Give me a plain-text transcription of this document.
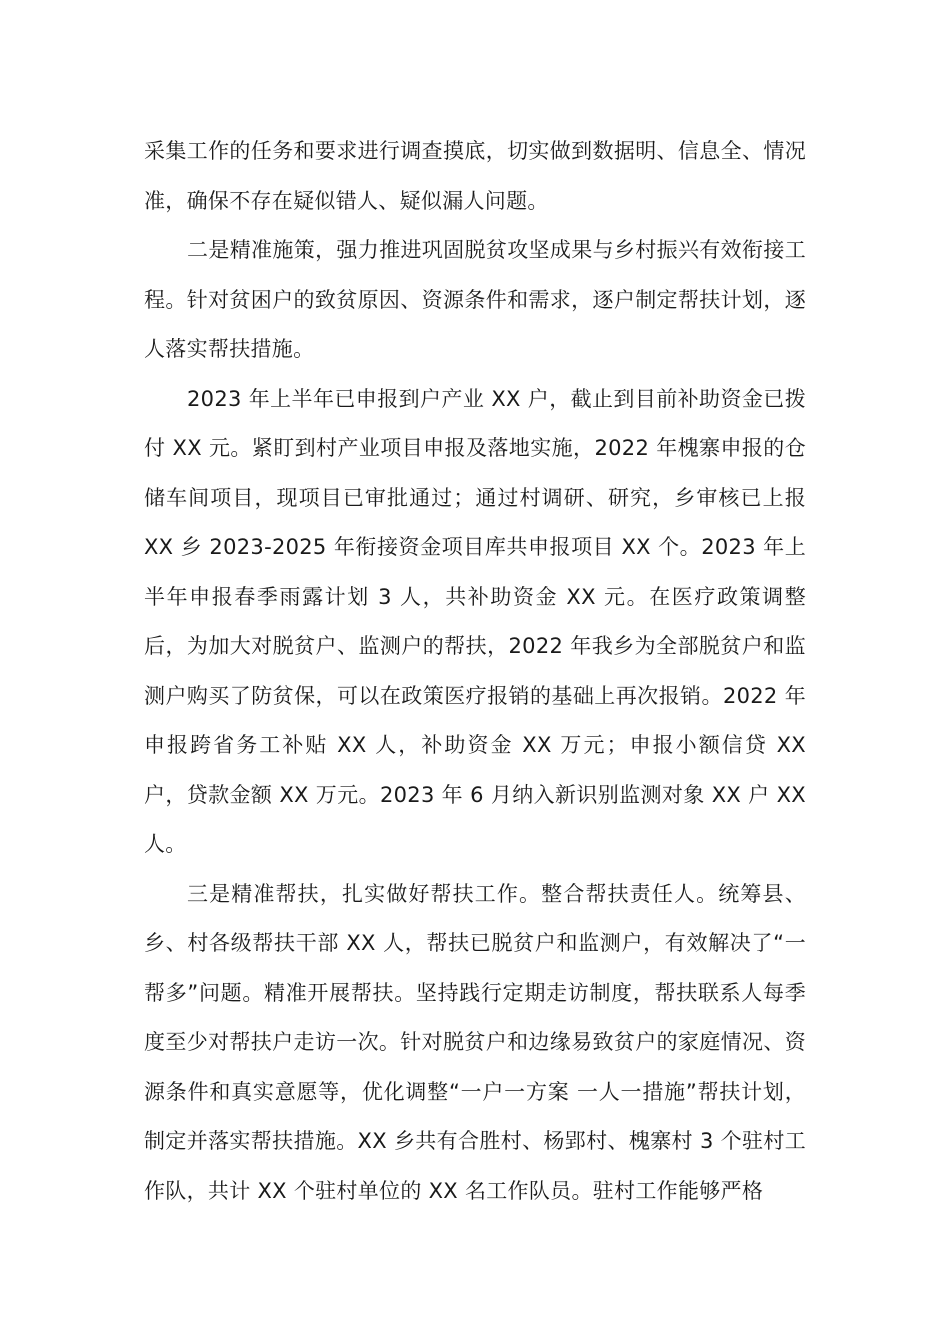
采集工作的任务和要求进行调查摸底，切实做到数据明、信息全、情况准，确保不存在疑似错人、疑似漏人问题。

二是精准施策，强力推进巩固脱贫攻坚成果与乡村振兴有效衔接工程。针对贫困户的致贫原因、资源条件和需求，逐户制定帮扶计划，逐人落实帮扶措施。

2023 年上半年已申报到户产业 XX 户，截止到目前补助资金已拨付 XX 元。紧盯到村产业项目申报及落地实施，2022 年槐寨申报的仓储车间项目，现项目已审批通过；通过村调研、研究，乡审核已上报 XX 乡 2023-2025 年衔接资金项目库共申报项目 XX 个。2023 年上半年申报春季雨露计划 3 人，共补助资金 XX 元。在医疗政策调整后，为加大对脱贫户、监测户的帮扶，2022 年我乡为全部脱贫户和监测户购买了防贫保，可以在政策医疗报销的基础上再次报销。2022 年申报跨省务工补贴 XX 人，补助资金 XX 万元；申报小额信贷 XX 户，贷款金额 XX 万元。2023 年 6 月纳入新识别监测对象 XX 户 XX 人。

三是精准帮扶，扎实做好帮扶工作。整合帮扶责任人。统筹县、乡、村各级帮扶干部 XX 人，帮扶已脱贫户和监测户，有效解决了“一帮多”问题。精准开展帮扶。坚持践行定期走访制度，帮扶联系人每季度至少对帮扶户走访一次。针对脱贫户和边缘易致贫户的家庭情况、资源条件和真实意愿等，优化调整“一户一方案 一人一措施”帮扶计划，制定并落实帮扶措施。XX 乡共有合胜村、杨郢村、槐寨村 3 个驻村工作队，共计 XX 个驻村单位的 XX 名工作队员。驻村工作能够严格
